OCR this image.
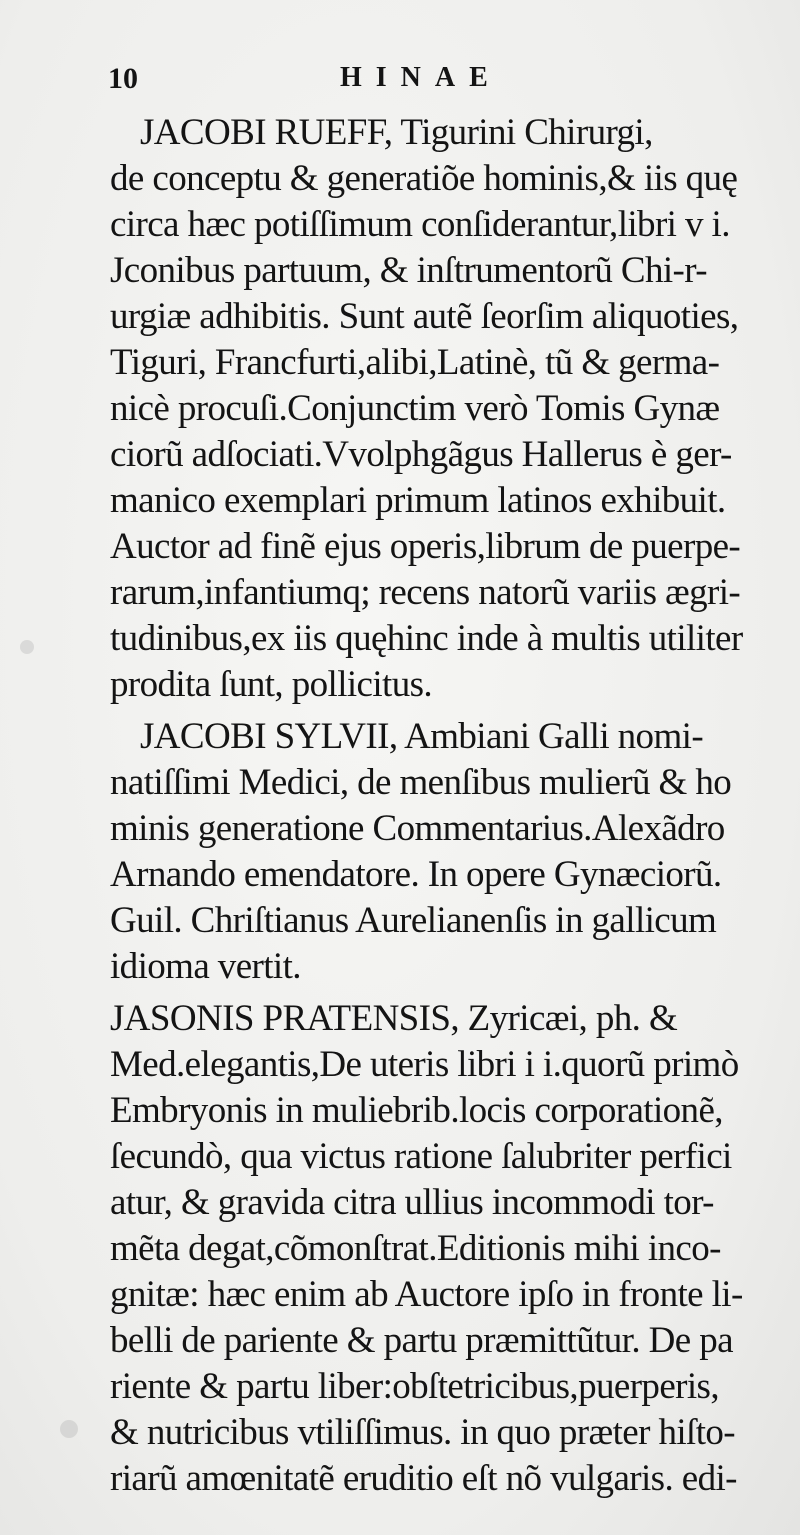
10	HINAE
JACOBI RUEFF, Tigurini Chirurgi,
de conceptu & generatiõe hominis,& iis quę
circa hæc potiſſimum conſiderantur,libri v i.
Jconibus partuum, & inſtrumentorũ Chi-r-
urgiæ adhibitis. Sunt autẽ ſeorſim aliquoties,
Tiguri, Francfurti,alibi,Latinè, tũ & germa-
nicè procuſi.Conjunctim verò Tomis Gynæ
ciorũ adſociati.Vvolphgãgus Hallerus è ger-
manico exemplari primum latinos exhibuit.
Auctor ad finẽ ejus operis,librum de puerpe-
rarum,infantiumq; recens natorũ variis ægri-
tudinibus,ex iis quęhinc inde à multis utiliter
prodita ſunt, pollicitus.
JACOBI SYLVII, Ambiani Galli nomi-
natiſſimi Medici, de menſibus mulierũ & ho
minis generatione Commentarius.Alexãdro
Arnando emendatore. In opere Gynæciorũ.
Guil. Chriſtianus Aurelianenſis in gallicum
idioma vertit.
JASONIS PRATENSIS, Zyricæi, ph. &
Med.elegantis,De uteris libri i i.quorũ primò
Embryonis in muliebrib.locis corporationẽ,
ſecundò, qua victus ratione ſalubriter perfici
atur, & gravida citra ullius incommodi tor-
mẽta degat,cõmonſtrat.Editionis mihi inco-
gnitæ: hæc enim ab Auctore ipſo in fronte li-
belli de pariente & partu præmittũtur. De pa
riente & partu liber:obſtetricibus,puerperis,
& nutricibus vtiliſſimus. in quo præter hiſto-
riarũ amœnitatẽ eruditio eſt nõ vulgaris. edi-
